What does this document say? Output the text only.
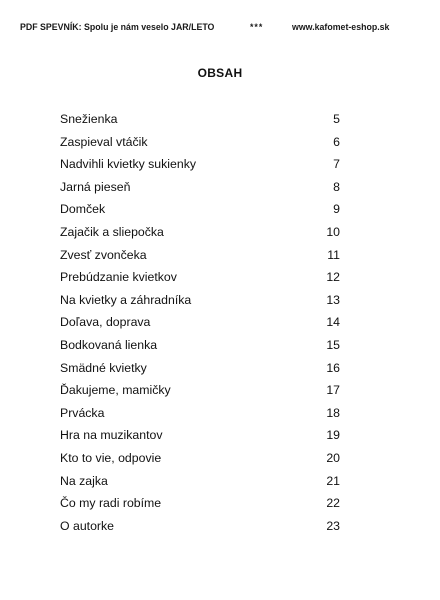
PDF SPEVNÍK: Spolu je nám veselo JAR/LETO	***	www.kafomet-eshop.sk
OBSAH
Snežienka	5
Zaspieval vtáčik	6
Nadvihli kvietky sukienky	7
Jarná pieseň	8
Domček	9
Zajačik a sliepočka	10
Zvesť zvončeka	11
Prebúdzanie kvietkov	12
Na kvietky a záhradníka	13
Doľava, doprava	14
Bodkovaná lienka	15
Smädné kvietky	16
Ďakujeme, mamičky	17
Prvácka	18
Hra na muzikantov	19
Kto to vie, odpovie	20
Na zajka	21
Čo my radi robíme	22
O autorke	23
